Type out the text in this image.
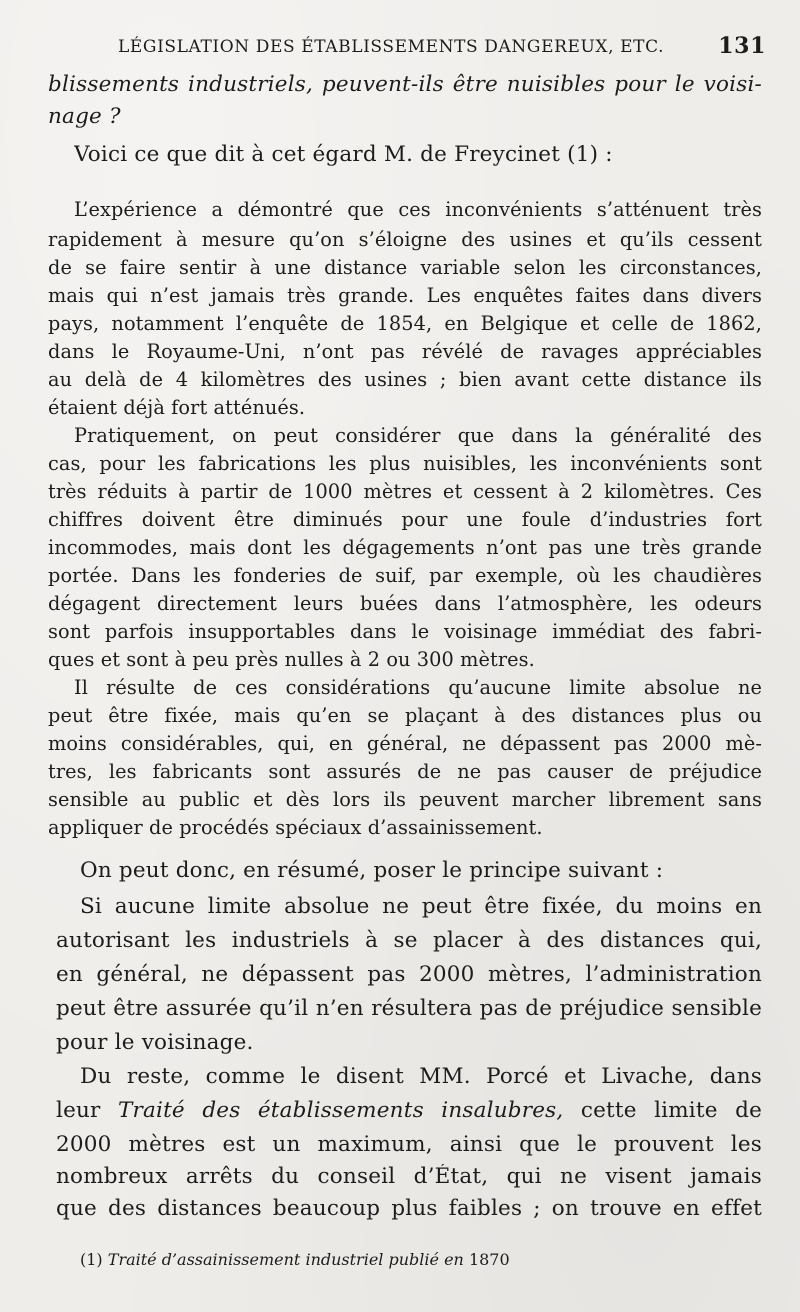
LÉGISLATION DES ÉTABLISSEMENTS DANGEREUX, ETC. 131
blissements industriels, peuvent-ils être nuisibles pour le voisi-
nage ?
Voici ce que dit à cet égard M. de Freycinet (1) :
L’expérience a démontré que ces inconvénients s’atténuent très
rapidement à mesure qu’on s’éloigne des usines et qu’ils cessent
de se faire sentir à une distance variable selon les circonstances,
mais qui n’est jamais très grande. Les enquêtes faites dans divers
pays, notamment l’enquête de 1854, en Belgique et celle de 1862,
dans le Royaume-Uni, n’ont pas révélé de ravages appréciables
au delà de 4 kilomètres des usines ; bien avant cette distance ils
étaient déjà fort atténués.
Pratiquement, on peut considérer que dans la généralité des
cas, pour les fabrications les plus nuisibles, les inconvénients sont
très réduits à partir de 1000 mètres et cessent à 2 kilomètres. Ces
chiffres doivent être diminués pour une foule d’industries fort
incommodes, mais dont les dégagements n’ont pas une très grande
portée. Dans les fonderies de suif, par exemple, où les chaudières
dégagent directement leurs buées dans l’atmosphère, les odeurs
sont parfois insupportables dans le voisinage immédiat des fabri-
ques et sont à peu près nulles à 2 ou 300 mètres.
Il résulte de ces considérations qu’aucune limite absolue ne
peut être fixée, mais qu’en se plaçant à des distances plus ou
moins considérables, qui, en général, ne dépassent pas 2000 mè-
tres, les fabricants sont assurés de ne pas causer de préjudice
sensible au public et dès lors ils peuvent marcher librement sans
appliquer de procédés spéciaux d’assainissement.
On peut donc, en résumé, poser le principe suivant :
Si aucune limite absolue ne peut être fixée, du moins en
autorisant les industriels à se placer à des distances qui,
en général, ne dépassent pas 2000 mètres, l’administration
peut être assurée qu’il n’en résultera pas de préjudice sensible
pour le voisinage.
Du reste, comme le disent MM. Porcé et Livache, dans
leur Traité des établissements insalubres, cette limite de
2000 mètres est un maximum, ainsi que le prouvent les
nombreux arrêts du conseil d’État, qui ne visent jamais
que des distances beaucoup plus faibles ; on trouve en effet
(1) Traité d’assainissement industriel publié en 1870
